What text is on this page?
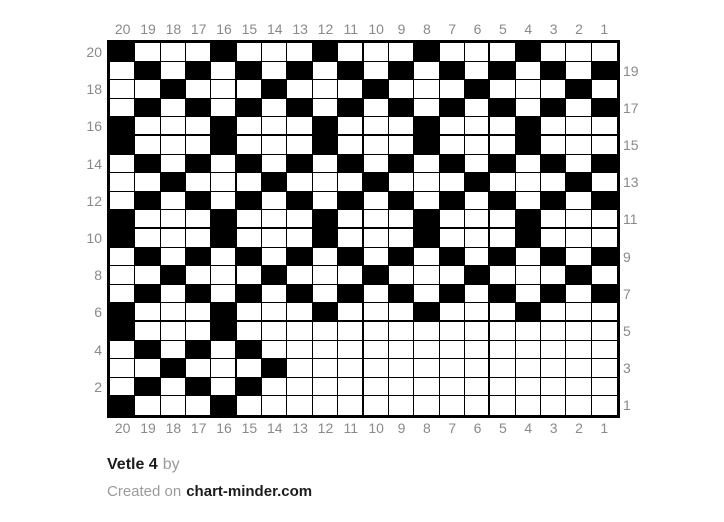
20 19 18 17 16 15 14 13 12 11 10 9	8	7	6	5	4	3	2	1
20 19 18 17 16 15 14 13 12 11 10 9	8	7	6	5	4	3	2	1
20
18
16
14
12
10
8
6
4
2
19
17
15
13
11
9
7
5
3
1
Vetle 4 by
Created on chart-minder.com
